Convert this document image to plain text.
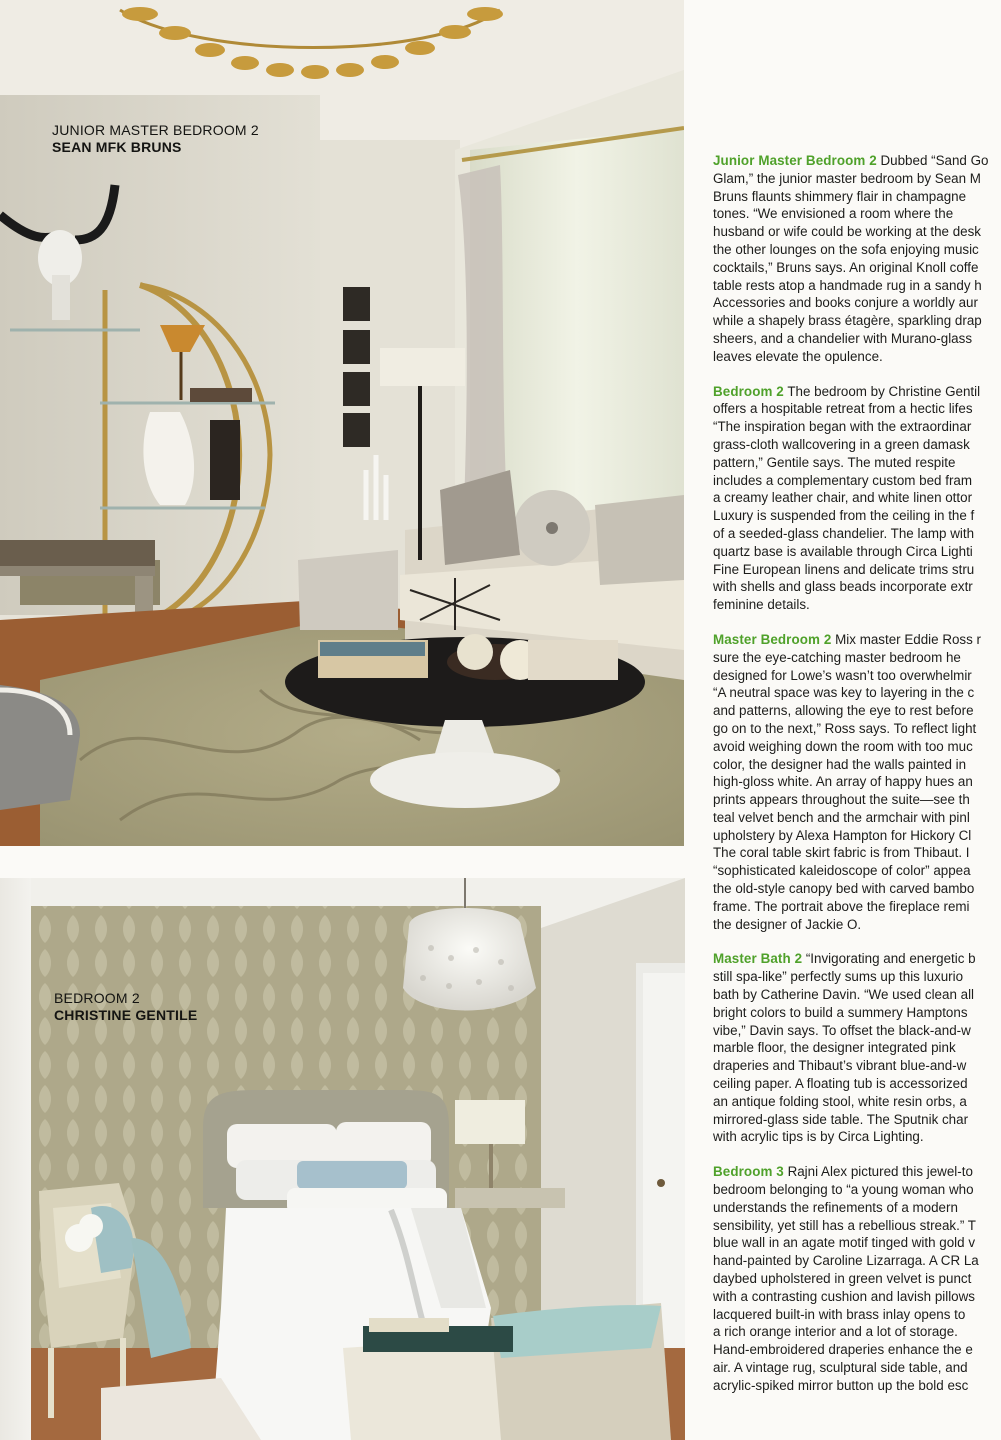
JUNIOR MASTER BEDROOM 2
SEAN MFK BRUNS
BEDROOM 2
CHRISTINE GENTILE

Junior Master Bedroom 2 Dubbed “Sand Go
Glam,” the junior master bedroom by Sean M
Bruns flaunts shimmery flair in champagne
tones. “We envisioned a room where the
husband or wife could be working at the desk
the other lounges on the sofa enjoying music
cocktails,” Bruns says. An original Knoll coffe
table rests atop a handmade rug in a sandy h
Accessories and books conjure a worldly aur
while a shapely brass étagère, sparkling drap
sheers, and a chandelier with Murano-glass
leaves elevate the opulence.

Bedroom 2 The bedroom by Christine Gentil
offers a hospitable retreat from a hectic lifes
“The inspiration began with the extraordinar
grass-cloth wallcovering in a green damask
pattern,” Gentile says. The muted respite
includes a complementary custom bed fram
a creamy leather chair, and white linen ottor
Luxury is suspended from the ceiling in the f
of a seeded-glass chandelier. The lamp with
quartz base is available through Circa Lighti
Fine European linens and delicate trims stru
with shells and glass beads incorporate extr
feminine details.

Master Bedroom 2 Mix master Eddie Ross r
sure the eye-catching master bedroom he
designed for Lowe’s wasn’t too overwhelmir
“A neutral space was key to layering in the c
and patterns, allowing the eye to rest before
go on to the next,” Ross says. To reflect light
avoid weighing down the room with too muc
color, the designer had the walls painted in
high-gloss white. An array of happy hues an
prints appears throughout the suite—see th
teal velvet bench and the armchair with pinl
upholstery by Alexa Hampton for Hickory Cl
The coral table skirt fabric is from Thibaut. I
“sophisticated kaleidoscope of color” appea
the old-style canopy bed with carved bambo
frame. The portrait above the fireplace remi
the designer of Jackie O.

Master Bath 2 “Invigorating and energetic b
still spa-like” perfectly sums up this luxurio
bath by Catherine Davin. “We used clean all
bright colors to build a summery Hamptons
vibe,” Davin says. To offset the black-and-w
marble floor, the designer integrated pink
draperies and Thibaut’s vibrant blue-and-w
ceiling paper. A floating tub is accessorized
an antique folding stool, white resin orbs, a
mirrored-glass side table. The Sputnik char
with acrylic tips is by Circa Lighting.

Bedroom 3 Rajni Alex pictured this jewel-to
bedroom belonging to “a young woman who
understands the refinements of a modern
sensibility, yet still has a rebellious streak.” T
blue wall in an agate motif tinged with gold v
hand-painted by Caroline Lizarraga. A CR La
daybed upholstered in green velvet is punct
with a contrasting cushion and lavish pillows
lacquered built-in with brass inlay opens to
a rich orange interior and a lot of storage.
Hand-embroidered draperies enhance the e
air. A vintage rug, sculptural side table, and
acrylic-spiked mirror button up the bold esc
